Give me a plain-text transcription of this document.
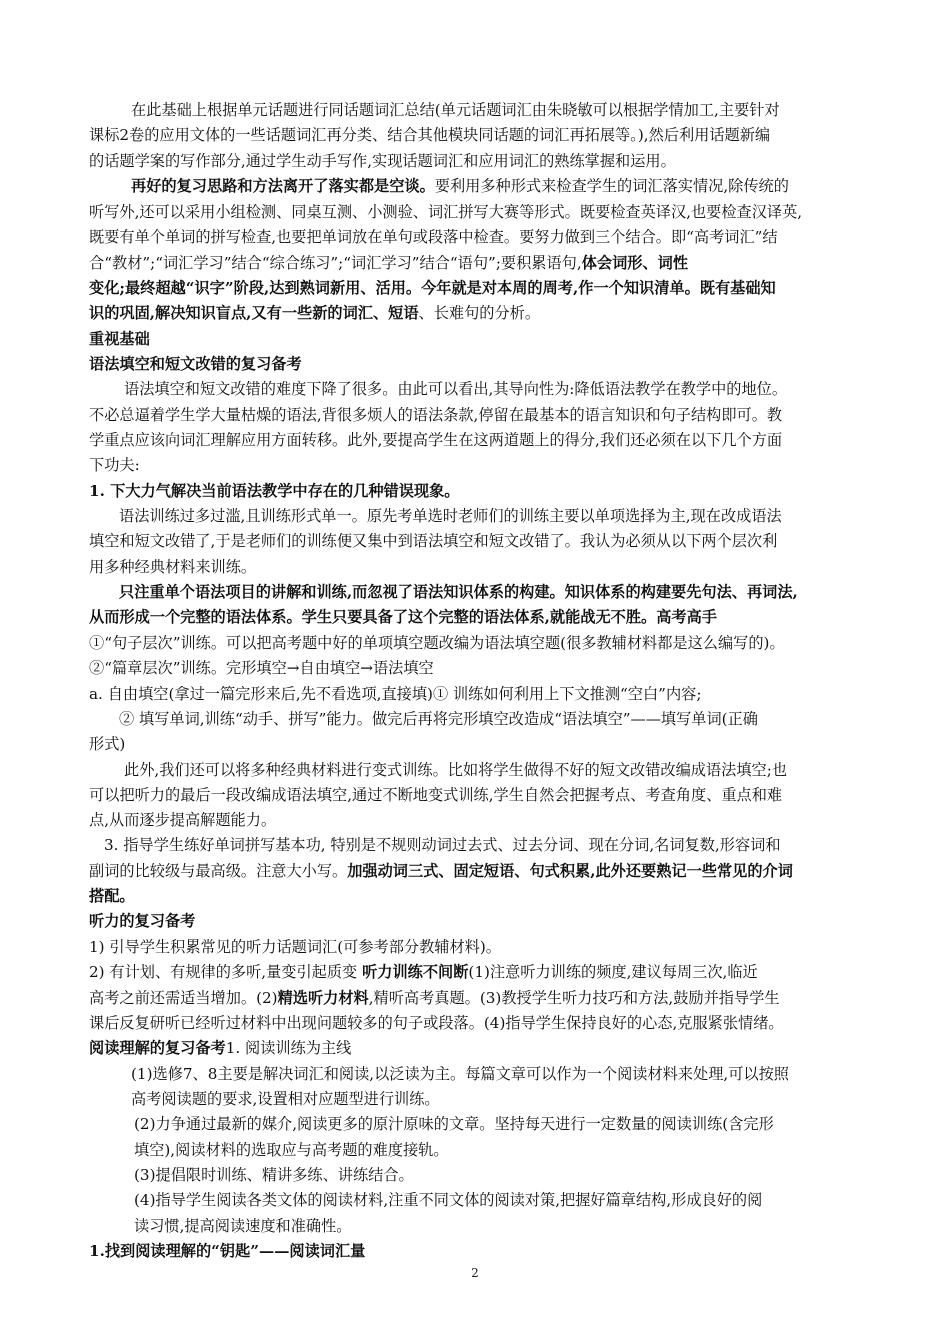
在此基础上根据单元话题进行同话题词汇总结(单元话题词汇由朱晓敏可以根据学情加工,主要针对
课标2卷的应用文体的一些话题词汇再分类、结合其他模块同话题的词汇再拓展等。),然后利用话题新编
的话题学案的写作部分,通过学生动手写作,实现话题词汇和应用词汇的熟练掌握和运用。
再好的复习思路和方法离开了落实都是空谈。要利用多种形式来检查学生的词汇落实情况,除传统的
听写外,还可以采用小组检测、同桌互测、小测验、词汇拼写大赛等形式。既要检查英译汉,也要检查汉译英,
既要有单个单词的拼写检查,也要把单词放在单句或段落中检查。要努力做到三个结合。即“高考词汇”结
合“教材”;“词汇学习”结合“综合练习”;“词汇学习”结合“语句”;要积累语句,体会词形、词性
变化;最终超越“识字”阶段,达到熟词新用、活用。今年就是对本周的周考,作一个知识清单。既有基础知
识的巩固,解决知识盲点,又有一些新的词汇、短语、长难句的分析。
重视基础
语法填空和短文改错的复习备考
语法填空和短文改错的难度下降了很多。由此可以看出,其导向性为:降低语法教学在教学中的地位。
不必总逼着学生学大量枯燥的语法,背很多烦人的语法条款,停留在最基本的语言知识和句子结构即可。教
学重点应该向词汇理解应用方面转移。此外,要提高学生在这两道题上的得分,我们还必须在以下几个方面
下功夫:
1. 下大力气解决当前语法教学中存在的几种错误现象。
语法训练过多过滥,且训练形式单一。原先考单选时老师们的训练主要以单项选择为主,现在改成语法
填空和短文改错了,于是老师们的训练便又集中到语法填空和短文改错了。我认为必须从以下两个层次利
用多种经典材料来训练。
只注重单个语法项目的讲解和训练,而忽视了语法知识体系的构建。知识体系的构建要先句法、再词法,
从而形成一个完整的语法体系。学生只要具备了这个完整的语法体系,就能战无不胜。高考高手
①“句子层次”训练。可以把高考题中好的单项填空题改编为语法填空题(很多教辅材料都是这么编写的)。
②“篇章层次”训练。完形填空→自由填空→语法填空
a. 自由填空(拿过一篇完形来后,先不看选项,直接填)① 训练如何利用上下文推测“空白”内容;
② 填写单词,训练“动手、拼写”能力。做完后再将完形填空改造成“语法填空”——填写单词(正确
形式)
此外,我们还可以将多种经典材料进行变式训练。比如将学生做得不好的短文改错改编成语法填空;也
可以把听力的最后一段改编成语法填空,通过不断地变式训练,学生自然会把握考点、考查角度、重点和难
点,从而逐步提高解题能力。
3. 指导学生练好单词拼写基本功, 特别是不规则动词过去式、过去分词、现在分词,名词复数,形容词和
副词的比较级与最高级。注意大小写。加强动词三式、固定短语、句式积累,此外还要熟记一些常见的介词
搭配。
听力的复习备考
1) 引导学生积累常见的听力话题词汇(可参考部分教辅材料)。
2) 有计划、有规律的多听,量变引起质变 听力训练不间断(1)注意听力训练的频度,建议每周三次,临近
高考之前还需适当增加。(2)精选听力材料,精听高考真题。(3)教授学生听力技巧和方法,鼓励并指导学生
课后反复研听已经听过材料中出现问题较多的句子或段落。(4)指导学生保持良好的心态,克服紧张情绪。
阅读理解的复习备考1. 阅读训练为主线
(1)选修7、8主要是解决词汇和阅读,以泛读为主。每篇文章可以作为一个阅读材料来处理,可以按照
高考阅读题的要求,设置相对应题型进行训练。
(2)力争通过最新的媒介,阅读更多的原汁原味的文章。坚持每天进行一定数量的阅读训练(含完形
填空),阅读材料的选取应与高考题的难度接轨。
(3)提倡限时训练、精讲多练、讲练结合。
(4)指导学生阅读各类文体的阅读材料,注重不同文体的阅读对策,把握好篇章结构,形成良好的阅
读习惯,提高阅读速度和准确性。
1.找到阅读理解的“钥匙”——阅读词汇量
2
